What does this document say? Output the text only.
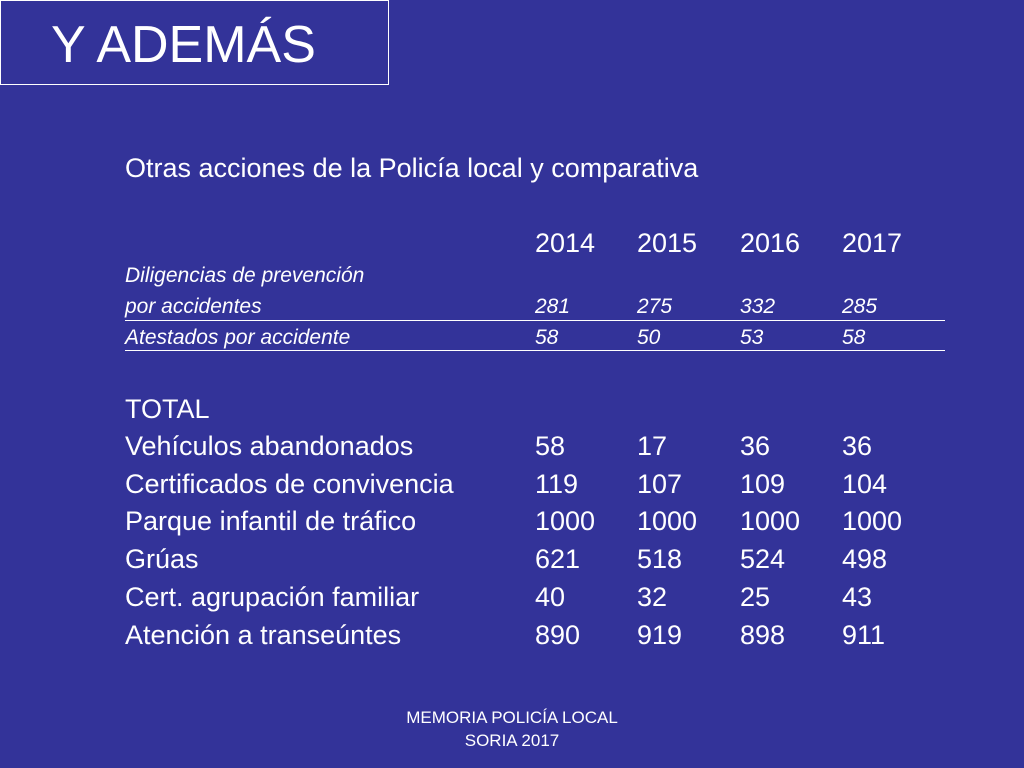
Y ADEMÁS
Otras acciones de la Policía local y comparativa
2014 2015 2016 2017
Diligencias de prevención
por accidentes	281	275	332	285
Atestados por accidente	58	50	53	58
TOTAL
Vehículos abandonados	58	17	36	36
Certificados de convivencia	119 107 109 104
Parque infantil de tráfico	1000 1000 1000 1000
Grúas	621 518 524 498
Cert. agrupación familiar	40	32	25	43
Atención a transeúntes	890 919 898 911
MEMORIA POLICÍA LOCAL
SORIA 2017
